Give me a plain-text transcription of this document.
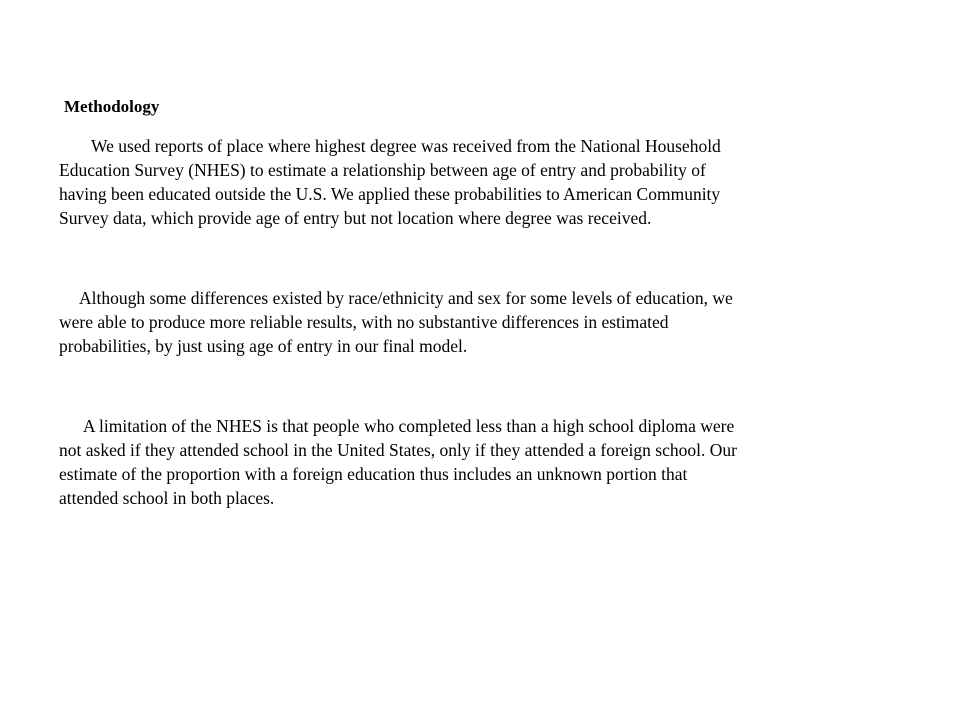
Methodology

We used reports of place where highest degree was received from the National Household
Education Survey (NHES) to estimate a relationship between age of entry and probability of
having been educated outside the U.S. We applied these probabilities to American Community
Survey data, which provide age of entry but not location where degree was received.

Although some differences existed by race/ethnicity and sex for some levels of education, we
were able to produce more reliable results, with no substantive differences in estimated
probabilities, by just using age of entry in our final model.

A limitation of the NHES is that people who completed less than a high school diploma were
not asked if they attended school in the United States, only if they attended a foreign school. Our
estimate of the proportion with a foreign education thus includes an unknown portion that
attended school in both places.
